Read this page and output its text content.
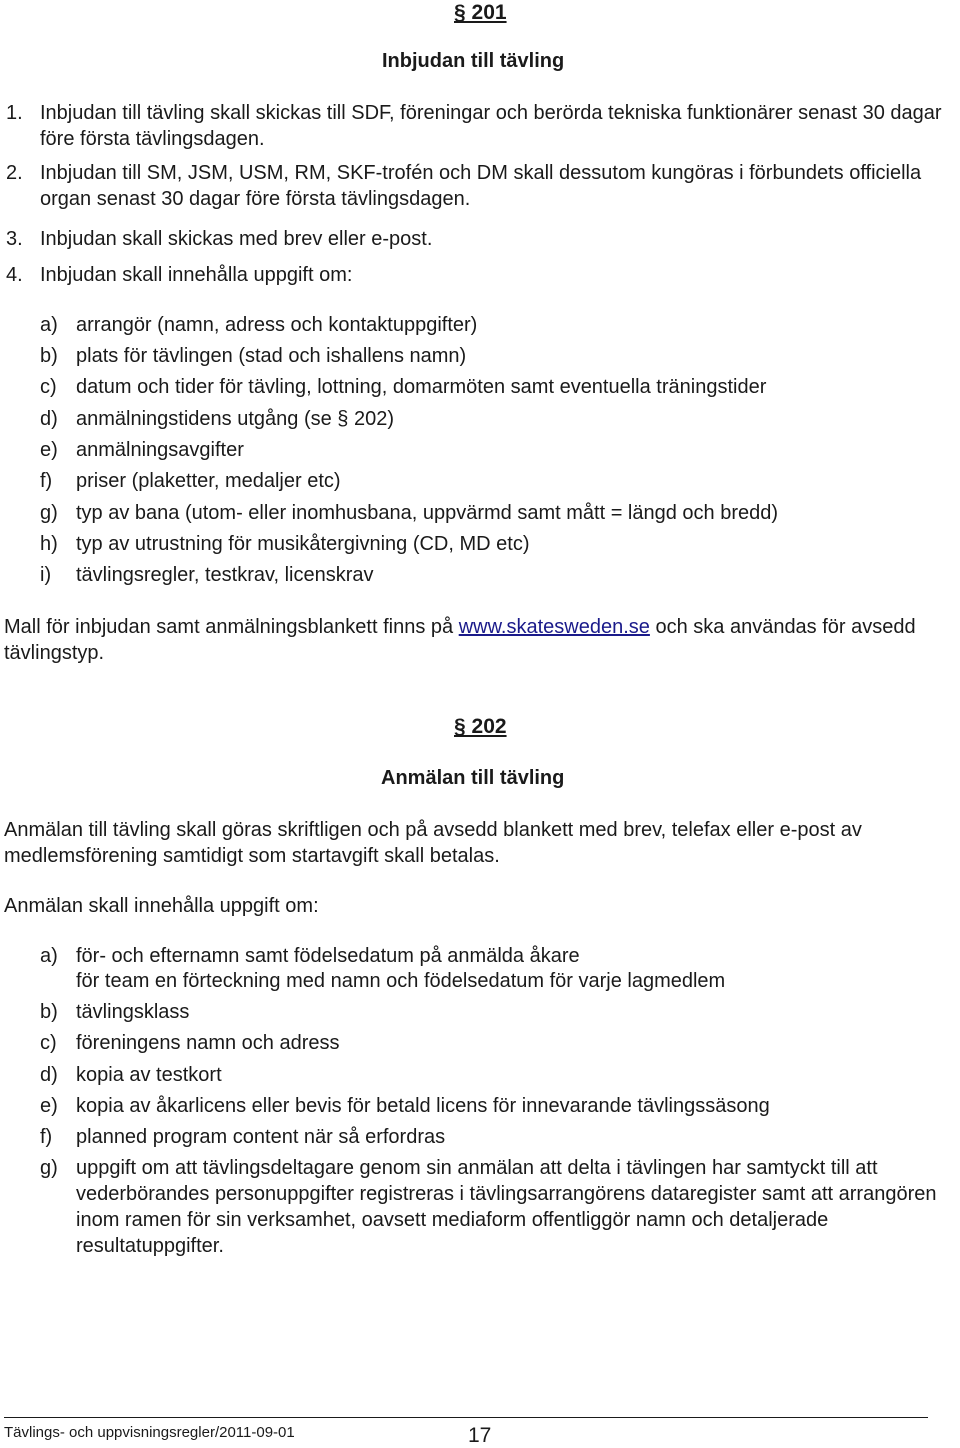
§ 201
Inbjudan till tävling
1. Inbjudan till tävling skall skickas till SDF, föreningar och berörda tekniska funktionärer senast 30 dagar före första tävlingsdagen.
2. Inbjudan till SM, JSM, USM, RM, SKF-trofén och DM skall dessutom kungöras i förbundets officiella organ senast 30 dagar före första tävlingsdagen.
3. Inbjudan skall skickas med brev eller e-post.
4. Inbjudan skall innehålla uppgift om:
a) arrangör (namn, adress och kontaktuppgifter)
b) plats för tävlingen (stad och ishallens namn)
c) datum och tider för tävling, lottning, domarmöten samt eventuella träningstider
d) anmälningstidens utgång (se § 202)
e) anmälningsavgifter
f) priser (plaketter, medaljer etc)
g) typ av bana (utom- eller inomhusbana, uppvärmd samt mått = längd och bredd)
h) typ av utrustning för musikåtergivning (CD, MD etc)
i) tävlingsregler, testkrav, licenskrav
Mall för inbjudan samt anmälningsblankett finns på www.skatesweden.se och ska användas för avsedd tävlingstyp.
§ 202
Anmälan till tävling
Anmälan till tävling skall göras skriftligen och på avsedd blankett med brev, telefax eller e-post av medlemsförening samtidigt som startavgift skall betalas.
Anmälan skall innehålla uppgift om:
a) för- och efternamn samt födelsedatum på anmälda åkare
för team en förteckning med namn och födelsedatum för varje lagmedlem
b) tävlingsklass
c) föreningens namn och adress
d) kopia av testkort
e) kopia av åkarlicens eller bevis för betald licens för innevarande tävlingssäsong
f) planned program content när så erfordras
g) uppgift om att tävlingsdeltagare genom sin anmälan att delta i tävlingen har samtyckt till att vederbörandes personuppgifter registreras i tävlingsarrangörens dataregister samt att arrangören inom ramen för sin verksamhet, oavsett mediaform offentliggör namn och detaljerade resultatuppgifter.
Tävlings- och uppvisningsregler/2011-09-01	17
